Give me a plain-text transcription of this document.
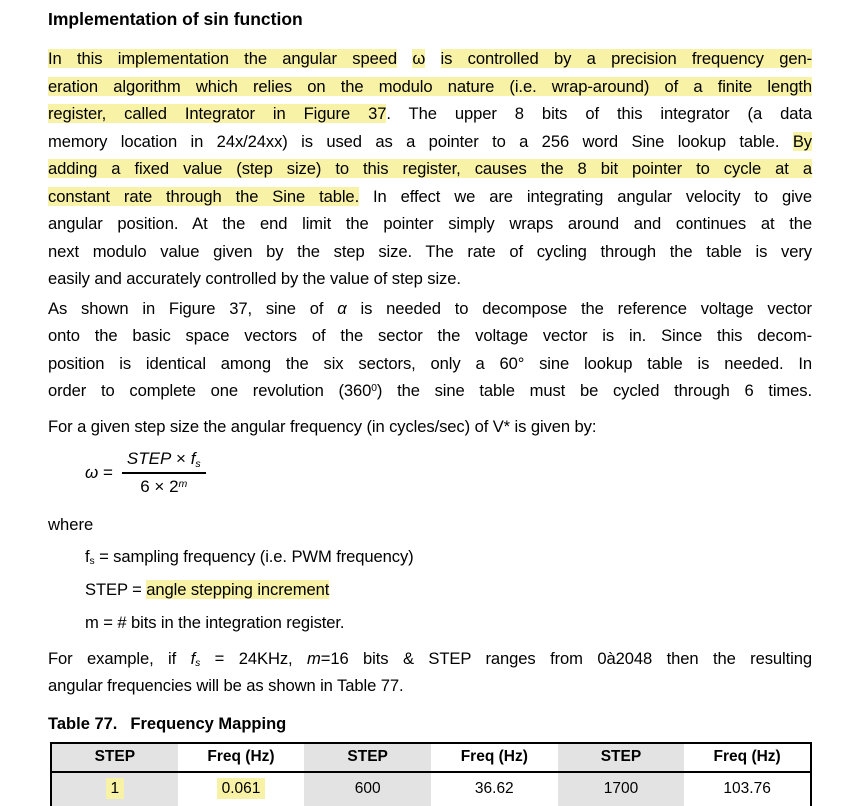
Implementation of sin function
In this implementation the angular speed ω is controlled by a precision frequency gen-
eration algorithm which relies on the modulo nature (i.e. wrap-around) of a finite length
register, called Integrator in Figure 37. The upper 8 bits of this integrator (a data
memory location in 24x/24xx) is used as a pointer to a 256 word Sine lookup table. By
adding a fixed value (step size) to this register, causes the 8 bit pointer to cycle at a
constant rate through the Sine table. In effect we are integrating angular velocity to give
angular position. At the end limit the pointer simply wraps around and continues at the
next modulo value given by the step size. The rate of cycling through the table is very
easily and accurately controlled by the value of step size.
As shown in Figure 37, sine of α is needed to decompose the reference voltage vector
onto the basic space vectors of the sector the voltage vector is in. Since this decom-
position is identical among the six sectors, only a 60° sine lookup table is needed. In
order to complete one revolution $(360^0)$ the sine table must be cycled through 6 times.
For a given step size the angular frequency (in cycles/sec) of V* is given by:
$\omega = \frac{STEP \times f_s}{6 \times 2^m}$
where
$f_s$ = sampling frequency (i.e. PWM frequency)
STEP = angle stepping increment
m = # bits in the integration register.
For example, if $f_s = 24KHz$, m=16 bits & STEP ranges from 0à2048 then the resulting
angular frequencies will be as shown in Table 77.
Table 77. Frequency Mapping
STEP	Freq (Hz)	STEP	Freq (Hz)	STEP	Freq (Hz)
1	0.061	600	36.62	1700	103.76
